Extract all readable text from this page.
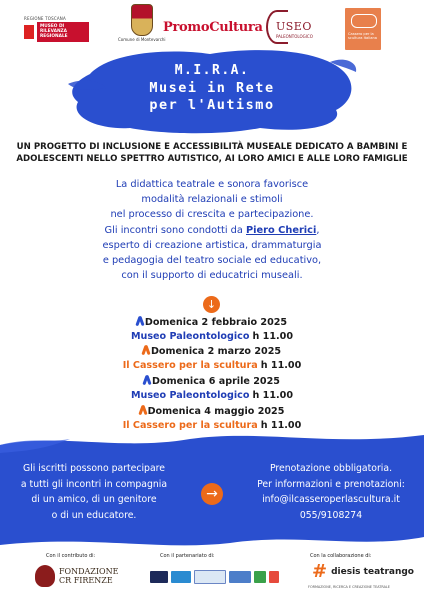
REGIONE TOSCANA
MUSEO DI RILEVANZA REGIONALE
Comune di Montevarchi
PromoCultura USEO
PALEONTOLOGICO	Cassero per la scultura italiana
M.I.R.A.
Musei in Rete
per l'Autismo
UN PROGETTO DI INCLUSIONE E ACCESSIBILITÀ MUSEALE DEDICATO A BAMBINI E ADOLESCENTI NELLO SPETTRO AUTISTICO, AI LORO AMICI E ALLE LORO FAMIGLIE
La didattica teatrale e sonora favorisce
modalità relazionali e stimoli
nel processo di crescita e partecipazione.
Gli incontri sono condotti da Piero Cherici,
esperto di creazione artistica, drammaturgia
e pedagogia del teatro sociale ed educativo,
con il supporto di educatrici museali.
↓
Domenica 2 febbraio 2025
Museo Paleontologico h 11.00
Domenica 2 marzo 2025
Il Cassero per la scultura h 11.00
Domenica 6 aprile 2025
Museo Paleontologico h 11.00
Domenica 4 maggio 2025
Il Cassero per la scultura h 11.00
Gli iscritti possono partecipare
a tutti gli incontri in compagnia
di un amico, di un genitore
o di un educatore.
→
Prenotazione obbligatoria.
Per informazioni e prenotazioni:
info@ilcasseroperlascultura.it
055/9108274
Con il contributo di:
FONDAZIONE CR FIRENZE
Con il partenariato di:	Con la collaborazione di:
# diesis teatrango
FORMAZIONE, RICERCA E CREAZIONE TEATRALE
